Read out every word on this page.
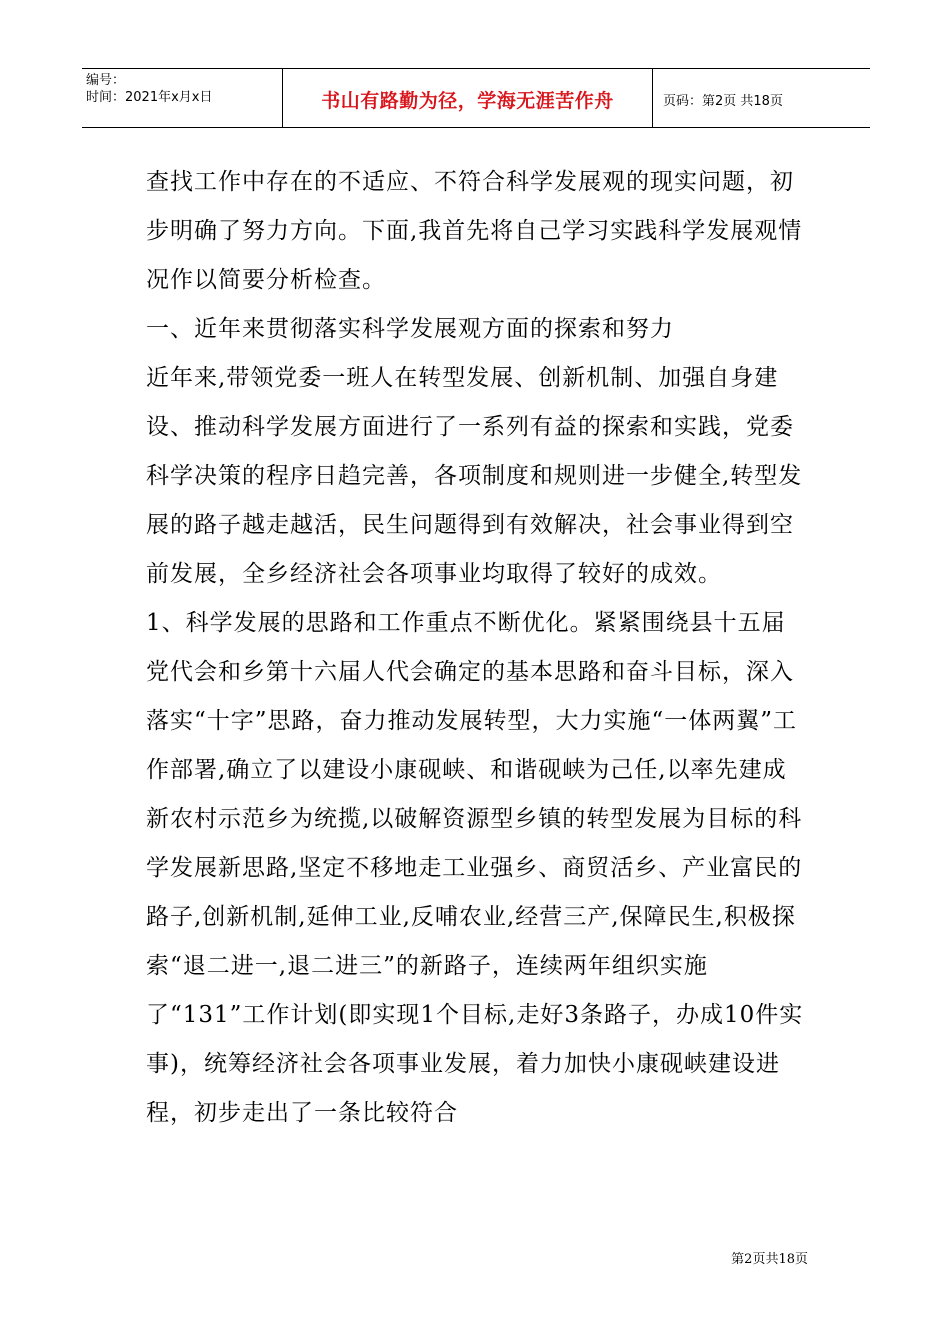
编号：
时间：2021年x月x日	书山有路勤为径，学海无涯苦作舟	页码：第2页 共18页

查找工作中存在的不适应、不符合科学发展观的现实问题，初步明确了努力方向。下面,我首先将自己学习实践科学发展观情况作以简要分析检查。

一、近年来贯彻落实科学发展观方面的探索和努力

近年来,带领党委一班人在转型发展、创新机制、加强自身建设、推动科学发展方面进行了一系列有益的探索和实践，党委科学决策的程序日趋完善，各项制度和规则进一步健全,转型发展的路子越走越活，民生问题得到有效解决，社会事业得到空前发展，全乡经济社会各项事业均取得了较好的成效。

1、科学发展的思路和工作重点不断优化。紧紧围绕县十五届党代会和乡第十六届人代会确定的基本思路和奋斗目标，深入落实“十字”思路，奋力推动发展转型，大力实施“一体两翼”工作部署,确立了以建设小康砚峡、和谐砚峡为己任,以率先建成新农村示范乡为统揽,以破解资源型乡镇的转型发展为目标的科学发展新思路,坚定不移地走工业强乡、商贸活乡、产业富民的路子,创新机制,延伸工业,反哺农业,经营三产,保障民生,积极探索“退二进一,退二进三”的新路子，连续两年组织实施了“131”工作计划(即实现1个目标,走好3条路子，办成10件实事)，统筹经济社会各项事业发展，着力加快小康砚峡建设进程，初步走出了一条比较符合

第2页共18页
